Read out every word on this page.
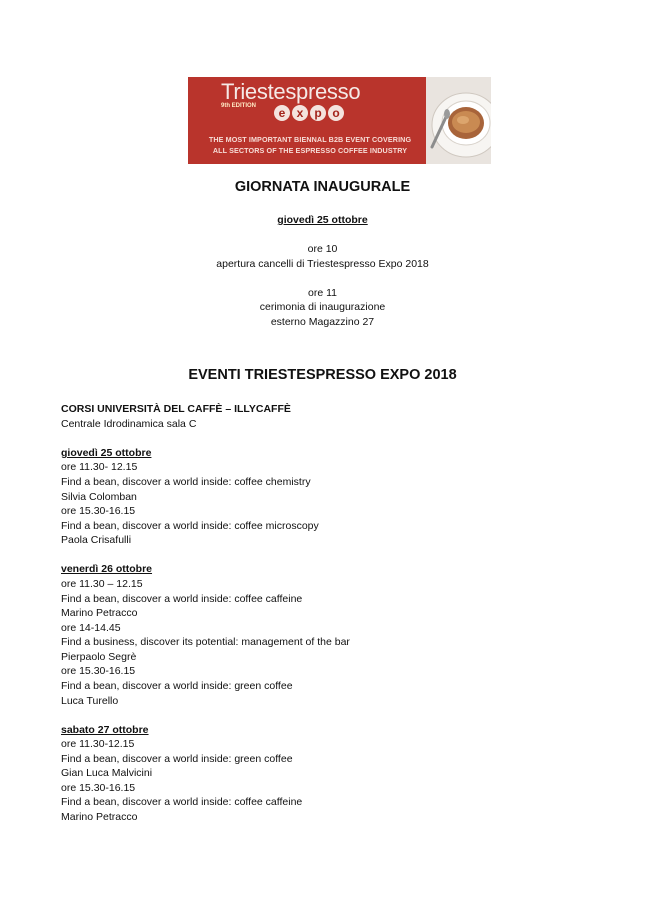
Triestespresso
9th EDITION	e x p o
THE MOST IMPORTANT BIENNAL B2B EVENT COVERING
ALL SECTORS OF THE ESPRESSO COFFEE INDUSTRY
GIORNATA INAUGURALE
giovedì 25 ottobre
ore 10
apertura cancelli di Triestespresso Expo 2018
ore 11
cerimonia di inaugurazione
esterno Magazzino 27
EVENTI TRIESTESPRESSO EXPO 2018
CORSI UNIVERSITÀ DEL CAFFÈ – ILLYCAFFÈ
Centrale Idrodinamica sala C
giovedì 25 ottobre
ore 11.30- 12.15
Find a bean, discover a world inside: coffee chemistry
Silvia Colomban
ore 15.30-16.15
Find a bean, discover a world inside: coffee microscopy
Paola Crisafulli
venerdì 26 ottobre
ore 11.30 – 12.15
Find a bean, discover a world inside: coffee caffeine
Marino Petracco
ore 14-14.45
Find a business, discover its potential: management of the bar
Pierpaolo Segrè
ore 15.30-16.15
Find a bean, discover a world inside: green coffee
Luca Turello
sabato 27 ottobre
ore 11.30-12.15
Find a bean, discover a world inside: green coffee
Gian Luca Malvicini
ore 15.30-16.15
Find a bean, discover a world inside: coffee caffeine
Marino Petracco
